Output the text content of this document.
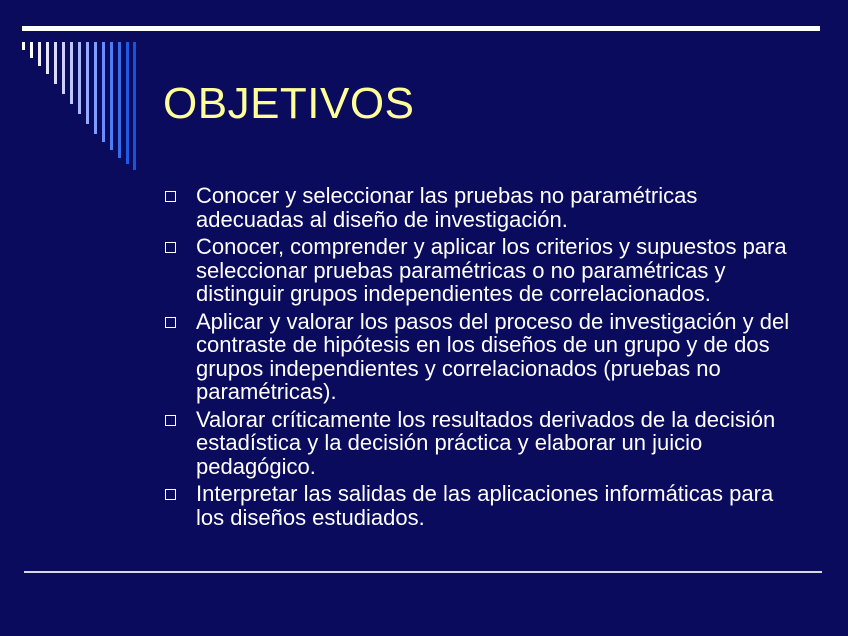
OBJETIVOS
Conocer y seleccionar las pruebas no paramétricas adecuadas al diseño de investigación.
Conocer, comprender y aplicar los criterios y supuestos para seleccionar pruebas paramétricas o no paramétricas y distinguir grupos independientes de correlacionados.
Aplicar y valorar los pasos del proceso de investigación y del contraste de hipótesis en los diseños de un grupo y de dos grupos independientes y correlacionados (pruebas no paramétricas).
Valorar críticamente los resultados derivados de la decisión estadística y la decisión práctica y elaborar un juicio pedagógico.
Interpretar las salidas de las aplicaciones informáticas para los diseños estudiados.
